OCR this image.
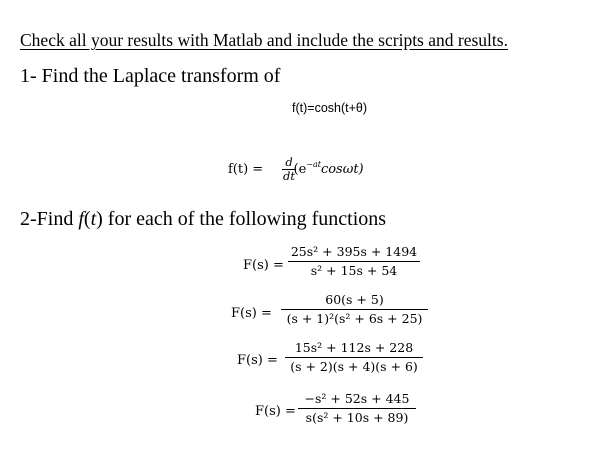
Check all your results with Matlab and include the scripts and results.
1- Find the Laplace transform of
f(t)=cosh(t+θ)
f(t) = d
dt
$(e^{-at}\cos\omega t)$
2-Find f(t) for each of the following functions
F(s) =
25s² + 395s + 1494
s² + 15s + 54
F(s) =
60(s + 5)
(s + 1)²(s² + 6s + 25)
F(s) =
15s² + 112s + 228
(s + 2)(s + 4)(s + 6)
F(s) =
−s² + 52s + 445
s(s² + 10s + 89)
